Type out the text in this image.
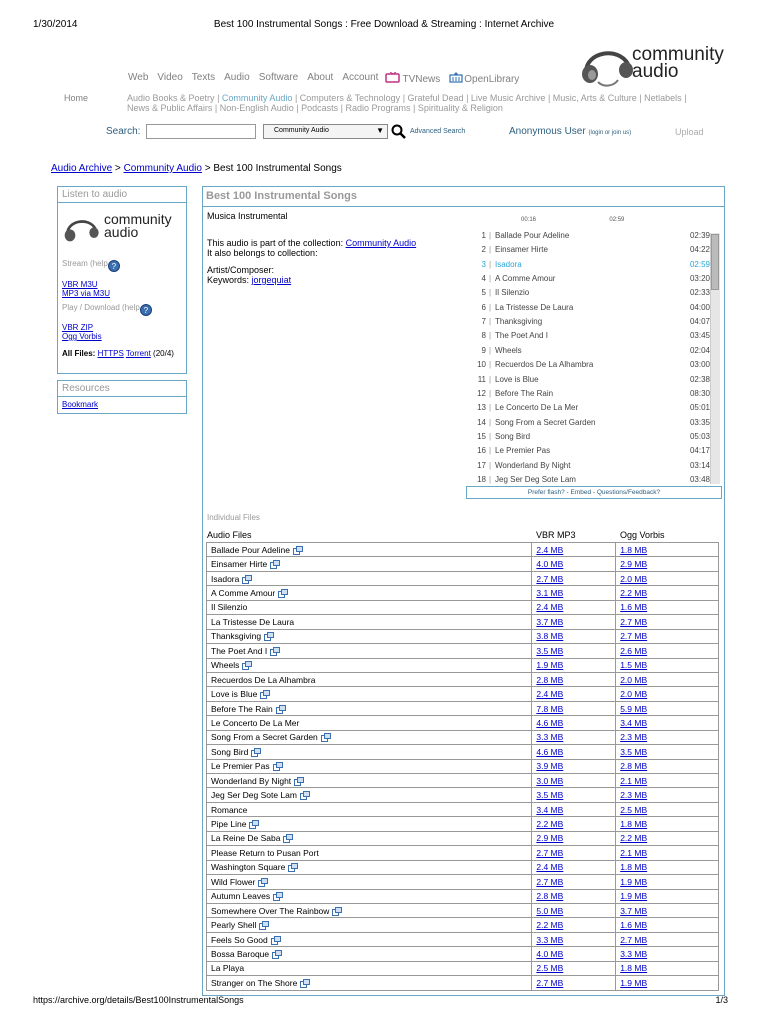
1/30/2014	Best 100 Instrumental Songs : Free Download & Streaming : Internet Archive
https://archive.org/details/Best100InstrumentalSongs	1/3
community
audio
Web Video Texts Audio Software About Account	TVNews	OpenLibrary
Home	Audio Books & Poetry | Community Audio | Computers & Technology | Grateful Dead | Live Music Archive | Music, Arts & Culture | Netlabels |
News & Public Affairs | Non-English Audio | Podcasts | Radio Programs | Spirituality & Religion
Search:	Community Audio	▼	Advanced Search	Anonymous User (login or join us)	Upload
Audio Archive > Community Audio > Best 100 Instrumental Songs
Listen to audio
community
audio
Stream (help ?
VBR M3U
MP3 via M3U
Play / Download (help ?
VBR ZIP
Ogg Vorbis
All Files: HTTPS Torrent (20/4)
Resources
Bookmark
Best 100 Instrumental Songs
Musica Instrumental
This audio is part of the collection: Community Audio
It also belongs to collection:
Artist/Composer:
Keywords: jorgequiat
00:16	02:59
1 | Ballade Pour Adeline	02:39
2 | Einsamer Hirte	04:22
3 | Isadora	02:59
4 | A Comme Amour	03:20
5 | Il Silenzio	02:33
6 | La Tristesse De Laura	04:00
7 | Thanksgiving	04:07
8 | The Poet And I	03:45
9 | Wheels	02:04
10 | Recuerdos De La Alhambra	03:00
11 | Love is Blue	02:38
12 | Before The Rain	08:30
13 | Le Concerto De La Mer	05:01
14 | Song From a Secret Garden	03:35
15 | Song Bird	05:03
16 | Le Premier Pas	04:17
17 | Wonderland By Night	03:14
18 | Jeg Ser Deg Sote Lam	03:48
Prefer flash? - Embed - Questions/Feedback?
Individual Files
Audio Files	VBR MP3	Ogg Vorbis
Ballade Pour Adeline	2.4 MB	1.8 MB
Einsamer Hirte	4.0 MB	2.9 MB
Isadora	2.7 MB	2.0 MB
A Comme Amour	3.1 MB	2.2 MB
Il Silenzio	2.4 MB	1.6 MB
La Tristesse De Laura	3.7 MB	2.7 MB
Thanksgiving	3.8 MB	2.7 MB
The Poet And I	3.5 MB	2.6 MB
Wheels	1.9 MB	1.5 MB
Recuerdos De La Alhambra	2.8 MB	2.0 MB
Love is Blue	2.4 MB	2.0 MB
Before The Rain	7.8 MB	5.9 MB
Le Concerto De La Mer	4.6 MB	3.4 MB
Song From a Secret Garden	3.3 MB	2.3 MB
Song Bird	4.6 MB	3.5 MB
Le Premier Pas	3.9 MB	2.8 MB
Wonderland By Night	3.0 MB	2.1 MB
Jeg Ser Deg Sote Lam	3.5 MB	2.3 MB
Romance	3.4 MB	2.5 MB
Pipe Line	2.2 MB	1.8 MB
La Reine De Saba	2.9 MB	2.2 MB
Please Return to Pusan Port	2.7 MB	2.1 MB
Washington Square	2.4 MB	1.8 MB
Wild Flower	2.7 MB	1.9 MB
Autumn Leaves	2.8 MB	1.9 MB
Somewhere Over The Rainbow	5.0 MB	3.7 MB
Pearly Shell	2.2 MB	1.6 MB
Feels So Good	3.3 MB	2.7 MB
Bossa Baroque	4.0 MB	3.3 MB
La Playa	2.5 MB	1.8 MB
Stranger on The Shore	2.7 MB	1.9 MB
